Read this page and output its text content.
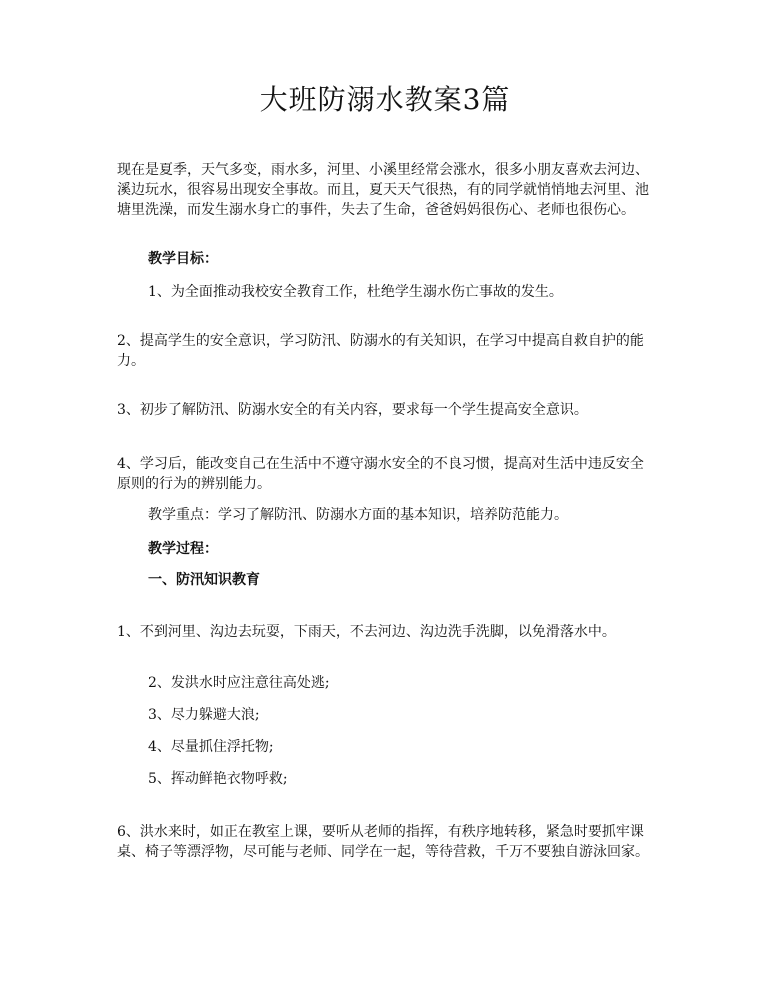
大班防溺水教案3篇

现在是夏季，天气多变，雨水多，河里、小溪里经常会涨水，很多小朋友喜欢去河边、溪边玩水，很容易出现安全事故。而且，夏天天气很热，有的同学就悄悄地去河里、池塘里洗澡，而发生溺水身亡的事件，失去了生命，爸爸妈妈很伤心、老师也很伤心。

教学目标：

1、为全面推动我校安全教育工作，杜绝学生溺水伤亡事故的发生。

2、提高学生的安全意识，学习防汛、防溺水的有关知识，在学习中提高自救自护的能力。

3、初步了解防汛、防溺水安全的有关内容，要求每一个学生提高安全意识。

4、学习后，能改变自己在生活中不遵守溺水安全的不良习惯，提高对生活中违反安全原则的行为的辨别能力。

教学重点：学习了解防汛、防溺水方面的基本知识，培养防范能力。

教学过程：

一、防汛知识教育

1、不到河里、沟边去玩耍，下雨天，不去河边、沟边洗手洗脚，以免滑落水中。

2、发洪水时应注意往高处逃;

3、尽力躲避大浪;

4、尽量抓住浮托物;

5、挥动鲜艳衣物呼救;

6、洪水来时，如正在教室上课，要听从老师的指挥，有秩序地转移，紧急时要抓牢课桌、椅子等漂浮物，尽可能与老师、同学在一起，等待营救，千万不要独自游泳回家。
